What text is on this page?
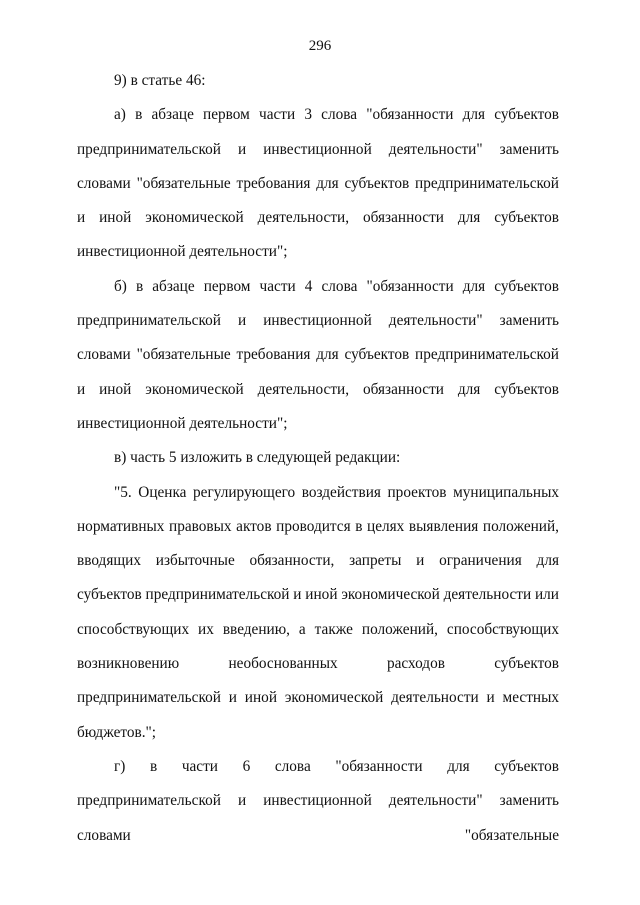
296

9) в статье 46:

а) в абзаце первом части 3 слова "обязанности для субъектов предпринимательской и инвестиционной деятельности" заменить словами "обязательные требования для субъектов предпринимательской и иной экономической деятельности, обязанности для субъектов инвестиционной деятельности";

б) в абзаце первом части 4 слова "обязанности для субъектов предпринимательской и инвестиционной деятельности" заменить словами "обязательные требования для субъектов предпринимательской и иной экономической деятельности, обязанности для субъектов инвестиционной деятельности";

в) часть 5 изложить в следующей редакции:

"5. Оценка регулирующего воздействия проектов муниципальных нормативных правовых актов проводится в целях выявления положений, вводящих избыточные обязанности, запреты и ограничения для субъектов предпринимательской и иной экономической деятельности или способствующих их введению, а также положений, способствующих возникновению необоснованных расходов субъектов предпринимательской и иной экономической деятельности и местных бюджетов.";

г) в части 6 слова "обязанности для субъектов предпринимательской и инвестиционной деятельности" заменить словами "обязательные
